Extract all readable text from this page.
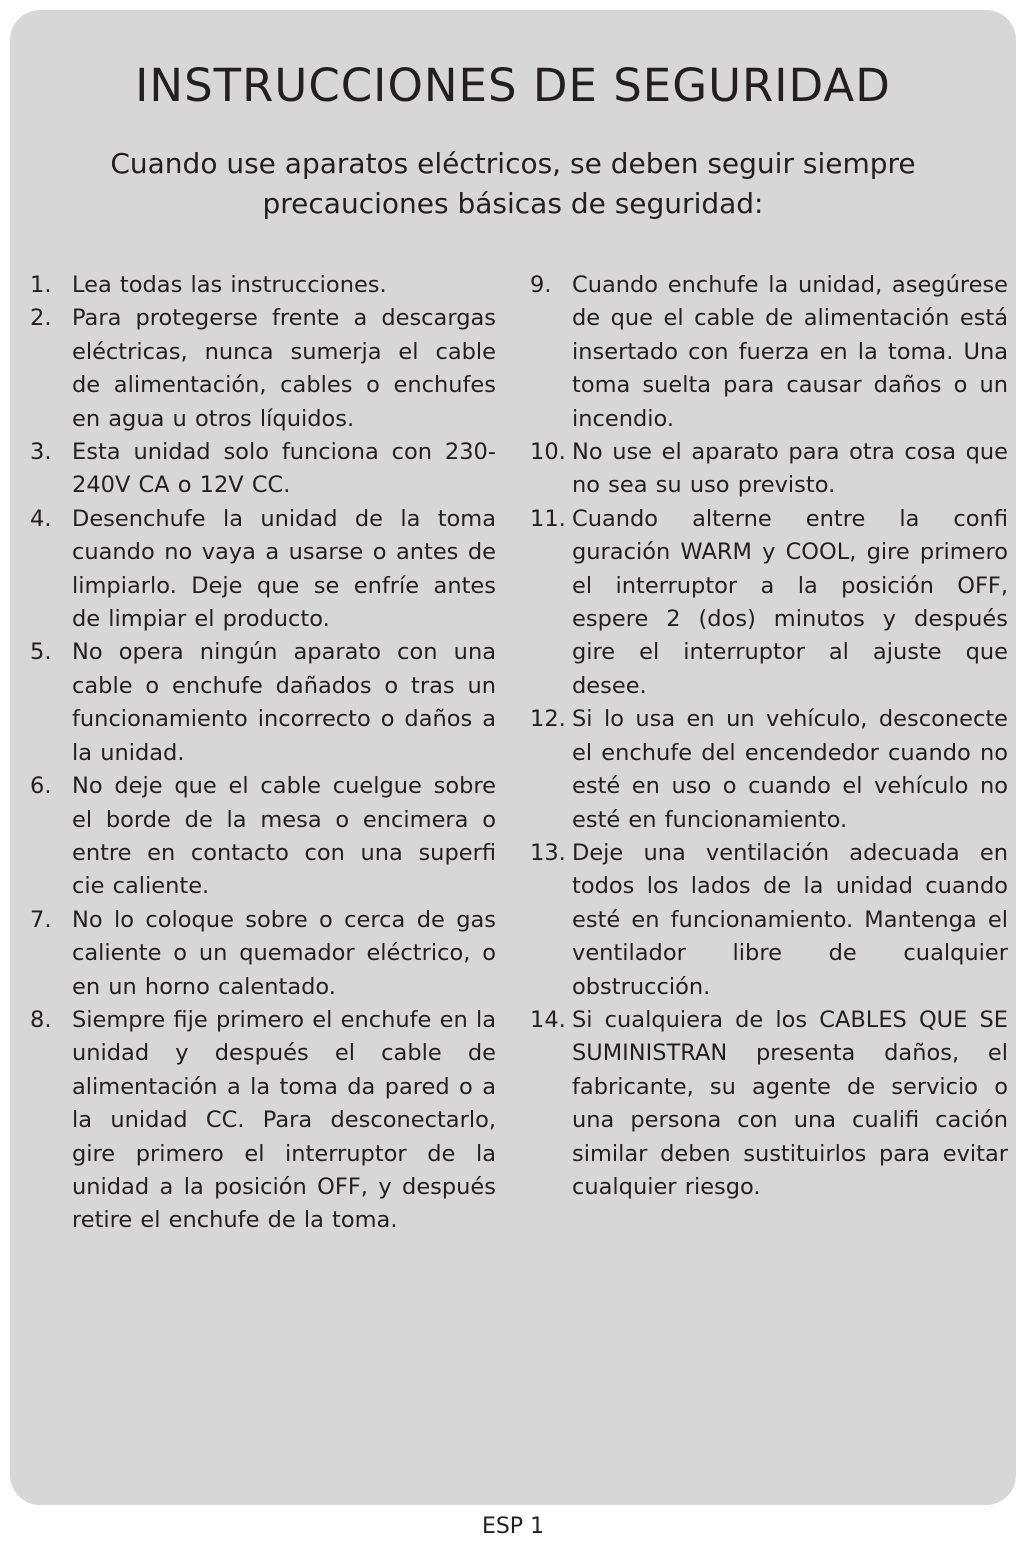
INSTRUCCIONES DE SEGURIDAD

Cuando use aparatos eléctricos, se deben seguir siempre
precauciones básicas de seguridad:

1. Lea todas las instrucciones.
2. Para protegerse frente a descargas eléctricas, nunca sumerja el cable de alimentación, cables o enchufes en agua u otros líquidos.
3. Esta unidad solo funciona con 230-240V CA o 12V CC.
4. Desenchufe la unidad de la toma cuando no vaya a usarse o antes de limpiarlo. Deje que se enfríe antes de limpiar el producto.
5. No opera ningún aparato con una cable o enchufe dañados o tras un funcionamiento incorrecto o daños a la unidad.
6. No deje que el cable cuelgue sobre el borde de la mesa o encimera o entre en contacto con una superfi cie caliente.
7. No lo coloque sobre o cerca de gas caliente o un quemador eléctrico, o en un horno calentado.
8. Siempre fije primero el enchufe en la unidad y después el cable de alimentación a la toma da pared o a la unidad CC. Para desconectarlo, gire primero el interruptor de la unidad a la posición OFF, y después retire el enchufe de la toma.
9. Cuando enchufe la unidad, asegúrese de que el cable de alimentación está insertado con fuerza en la toma. Una toma suelta para causar daños o un incendio.
10. No use el aparato para otra cosa que no sea su uso previsto.
11. Cuando alterne entre la confi guración WARM y COOL, gire primero el interruptor a la posición OFF, espere 2 (dos) minutos y después gire el interruptor al ajuste que desee.
12. Si lo usa en un vehículo, desconecte el enchufe del encendedor cuando no esté en uso o cuando el vehículo no esté en funcionamiento.
13. Deje una ventilación adecuada en todos los lados de la unidad cuando esté en funcionamiento. Mantenga el ventilador libre de cualquier obstrucción.
14. Si cualquiera de los CABLES QUE SE SUMINISTRAN presenta daños, el fabricante, su agente de servicio o una persona con una cualifi cación similar deben sustituirlos para evitar cualquier riesgo.
ESP 1
